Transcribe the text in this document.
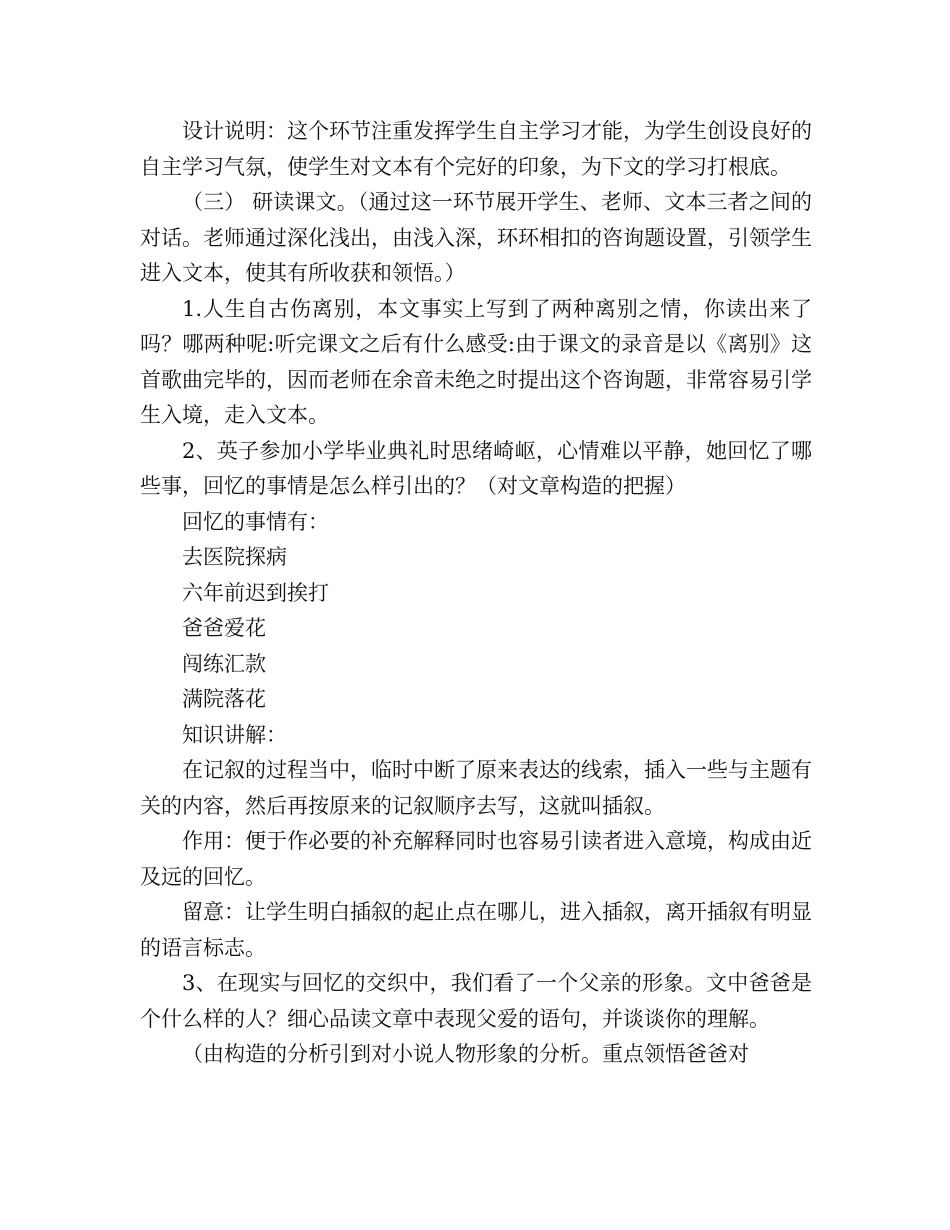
设计说明：这个环节注重发挥学生自主学习才能，为学生创设良好的自主学习气氛，使学生对文本有个完好的印象，为下文的学习打根底。

（三） 研读课文。（通过这一环节展开学生、老师、文本三者之间的对话。老师通过深化浅出，由浅入深，环环相扣的咨询题设置，引领学生进入文本，使其有所收获和领悟。）

1.人生自古伤离别，本文事实上写到了两种离别之情，你读出来了吗？哪两种呢:听完课文之后有什么感受:由于课文的录音是以《离别》这首歌曲完毕的，因而老师在余音未绝之时提出这个咨询题，非常容易引学生入境，走入文本。

2、英子参加小学毕业典礼时思绪崎岖，心情难以平静，她回忆了哪些事，回忆的事情是怎么样引出的？（对文章构造的把握）

回忆的事情有：

去医院探病

六年前迟到挨打

爸爸爱花

闯练汇款

满院落花

知识讲解：

在记叙的过程当中，临时中断了原来表达的线索，插入一些与主题有关的内容，然后再按原来的记叙顺序去写，这就叫插叙。

作用：便于作必要的补充解释同时也容易引读者进入意境，构成由近及远的回忆。

留意：让学生明白插叙的起止点在哪儿，进入插叙，离开插叙有明显的语言标志。

3、在现实与回忆的交织中，我们看了一个父亲的形象。文中爸爸是个什么样的人？细心品读文章中表现父爱的语句，并谈谈你的理解。

（由构造的分析引到对小说人物形象的分析。重点领悟爸爸对
